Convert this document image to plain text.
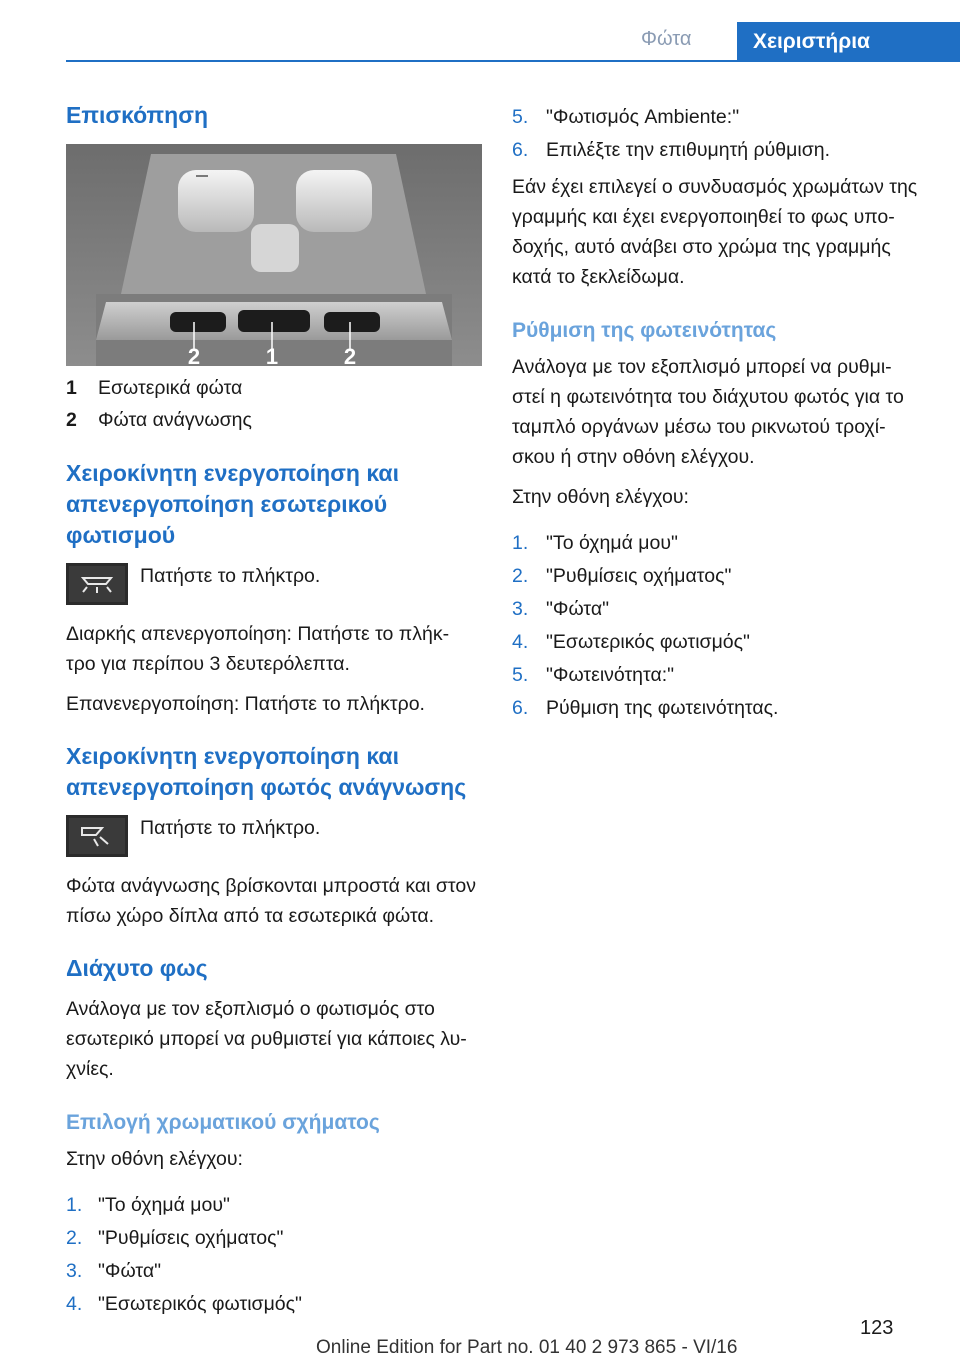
Φώτα	Χειριστήρια
Επισκόπηση
2	1	2
1	Εσωτερικά φώτα
2	Φώτα ανάγνωσης
Χειροκίνητη ενεργοποίηση και απενεργοποίηση εσωτερικού φωτισμού
Πατήστε το πλήκτρο.

Διαρκής απενεργοποίηση: Πατήστε το πλήκ‐ τρο για περίπου 3 δευτερόλεπτα.

Επανενεργοποίηση: Πατήστε το πλήκτρο.

Χειροκίνητη ενεργοποίηση και απενεργοποίηση φωτός ανάγνωσης
Πατήστε το πλήκτρο.

Φώτα ανάγνωσης βρίσκονται μπροστά και στον πίσω χώρο δίπλα από τα εσωτερικά φώτα.

Διάχυτο φως

Ανάλογα με τον εξοπλισμό ο φωτισμός στο εσωτερικό μπορεί να ρυθμιστεί για κάποιες λυ‐ χνίες.

Επιλογή χρωματικού σχήματος

Στην οθόνη ελέγχου:

1. "Το όχημά μου"
2. "Ρυθμίσεις οχήματος"
3. "Φώτα"
4. "Εσωτερικός φωτισμός"
5. "Φωτισμός Ambiente:"
6. Επιλέξτε την επιθυμητή ρύθμιση.

Εάν έχει επιλεγεί ο συνδυασμός χρωμάτων της γραμμής και έχει ενεργοποιηθεί το φως υπο‐ δοχής, αυτό ανάβει στο χρώμα της γραμμής κατά το ξεκλείδωμα.

Ρύθμιση της φωτεινότητας

Ανάλογα με τον εξοπλισμό μπορεί να ρυθμι‐ στεί η φωτεινότητα του διάχυτου φωτός για το ταμπλό οργάνων μέσω του ρικνωτού τροχί‐ σκου ή στην οθόνη ελέγχου.

Στην οθόνη ελέγχου:

1. "Το όχημά μου"
2. "Ρυθμίσεις οχήματος"
3. "Φώτα"
4. "Εσωτερικός φωτισμός"
5. "Φωτεινότητα:"
6. Ρύθμιση της φωτεινότητας.
123
Online Edition for Part no. 01 40 2 973 865 - VI/16
